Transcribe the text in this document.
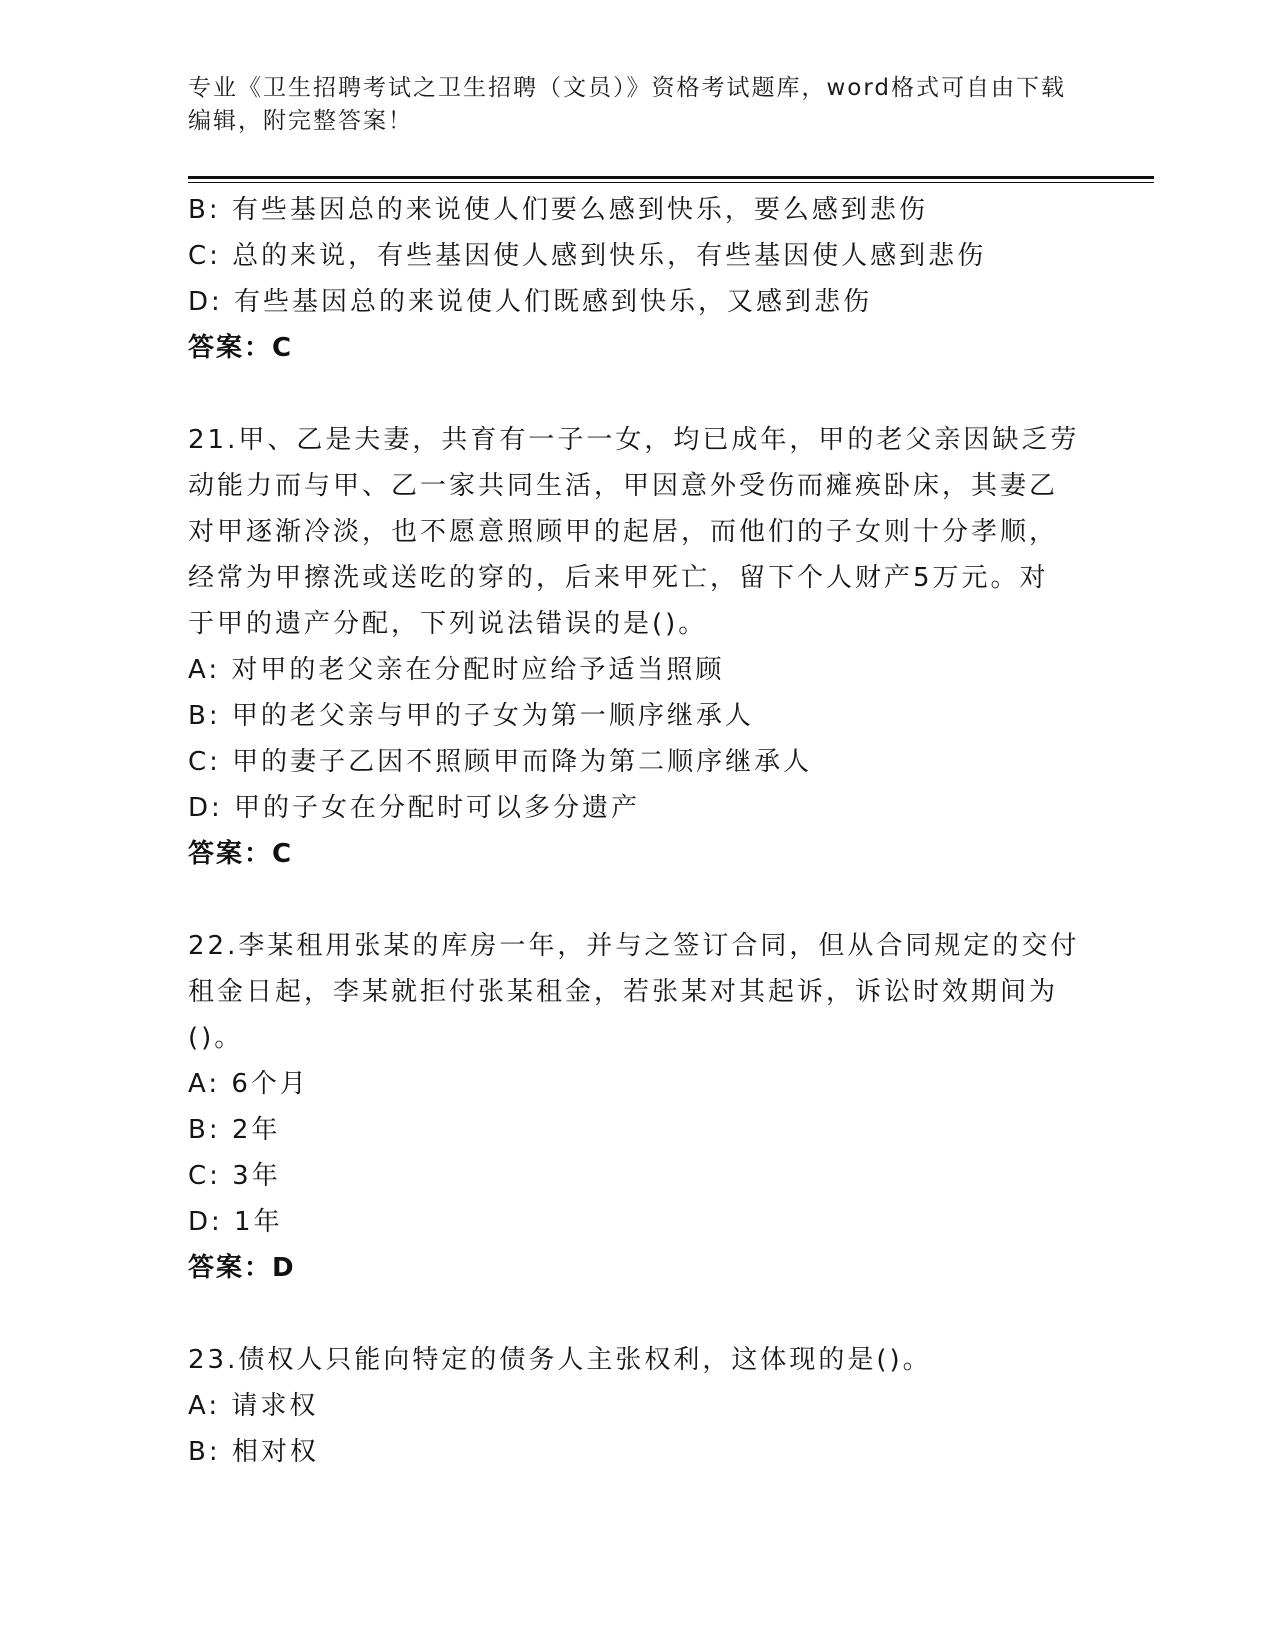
专业《卫生招聘考试之卫生招聘（文员）》资格考试题库，word格式可自由下载
编辑，附完整答案！
B: 有些基因总的来说使人们要么感到快乐，要么感到悲伤
C: 总的来说，有些基因使人感到快乐，有些基因使人感到悲伤
D: 有些基因总的来说使人们既感到快乐，又感到悲伤
答案：C
21.甲、乙是夫妻，共育有一子一女，均已成年，甲的老父亲因缺乏劳
动能力而与甲、乙一家共同生活，甲因意外受伤而瘫痪卧床，其妻乙
对甲逐渐冷淡，也不愿意照顾甲的起居，而他们的子女则十分孝顺，
经常为甲擦洗或送吃的穿的，后来甲死亡，留下个人财产5万元。对
于甲的遗产分配，下列说法错误的是()。
A: 对甲的老父亲在分配时应给予适当照顾
B: 甲的老父亲与甲的子女为第一顺序继承人
C: 甲的妻子乙因不照顾甲而降为第二顺序继承人
D: 甲的子女在分配时可以多分遗产
答案：C
22.李某租用张某的库房一年，并与之签订合同，但从合同规定的交付
租金日起，李某就拒付张某租金，若张某对其起诉，诉讼时效期间为
()。
A: 6个月
B: 2年
C: 3年
D: 1年
答案：D
23.债权人只能向特定的债务人主张权利，这体现的是()。
A: 请求权
B: 相对权
